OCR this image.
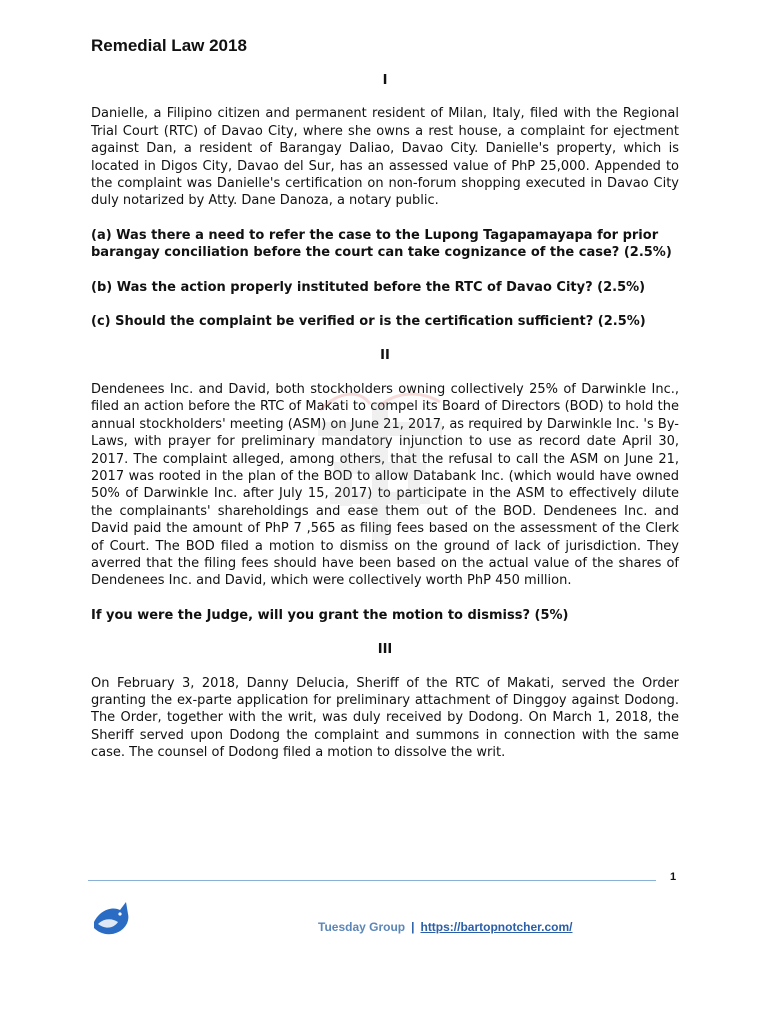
Remedial Law 2018
I

Danielle, a Filipino citizen and permanent resident of Milan, Italy, filed with the Regional Trial Court (RTC) of Davao City, where she owns a rest house, a complaint for ejectment against Dan, a resident of Barangay Daliao, Davao City. Danielle's property, which is located in Digos City, Davao del Sur, has an assessed value of PhP 25,000. Appended to the complaint was Danielle's certification on non-forum shopping executed in Davao City duly notarized by Atty. Dane Danoza, a notary public.

(a) Was there a need to refer the case to the Lupong Tagapamayapa for prior barangay conciliation before the court can take cognizance of the case? (2.5%)

(b) Was the action properly instituted before the RTC of Davao City? (2.5%)

(c) Should the complaint be verified or is the certification sufficient? (2.5%)

II

Dendenees Inc. and David, both stockholders owning collectively 25% of Darwinkle Inc., filed an action before the RTC of Makati to compel its Board of Directors (BOD) to hold the annual stockholders' meeting (ASM) on June 21, 2017, as required by Darwinkle Inc. 's By-Laws, with prayer for preliminary mandatory injunction to use as record date April 30, 2017. The complaint alleged, among others, that the refusal to call the ASM on June 21, 2017 was rooted in the plan of the BOD to allow Databank Inc. (which would have owned 50% of Darwinkle Inc. after July 15, 2017) to participate in the ASM to effectively dilute the complainants' shareholdings and ease them out of the BOD. Dendenees Inc. and David paid the amount of PhP 7 ,565 as filing fees based on the assessment of the Clerk of Court. The BOD filed a motion to dismiss on the ground of lack of jurisdiction. They averred that the filing fees should have been based on the actual value of the shares of Dendenees Inc. and David, which were collectively worth PhP 450 million.

If you were the Judge, will you grant the motion to dismiss? (5%)

III

On February 3, 2018, Danny Delucia, Sheriff of the RTC of Makati, served the Order granting the ex-parte application for preliminary attachment of Dinggoy against Dodong. The Order, together with the writ, was duly received by Dodong. On March 1, 2018, the Sheriff served upon Dodong the complaint and summons in connection with the same case. The counsel of Dodong filed a motion to dissolve the writ.

1
Tuesday Group | https://bartopnotcher.com/
